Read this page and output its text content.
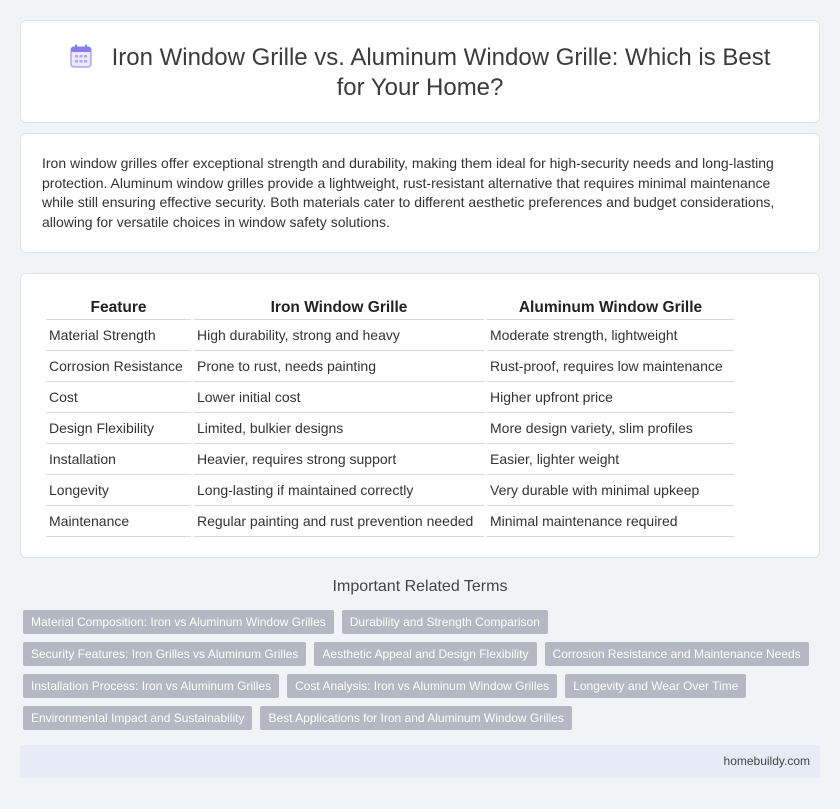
Iron Window Grille vs. Aluminum Window Grille: Which is Best for Your Home?

Iron window grilles offer exceptional strength and durability, making them ideal for high-security needs and long-lasting protection. Aluminum window grilles provide a lightweight, rust-resistant alternative that requires minimal maintenance while still ensuring effective security. Both materials cater to different aesthetic preferences and budget considerations, allowing for versatile choices in window safety solutions.

Feature	Iron Window Grille	Aluminum Window Grille
Material Strength	High durability, strong and heavy	Moderate strength, lightweight
Corrosion Resistance	Prone to rust, needs painting	Rust-proof, requires low maintenance
Cost	Lower initial cost	Higher upfront price
Design Flexibility	Limited, bulkier designs	More design variety, slim profiles
Installation	Heavier, requires strong support	Easier, lighter weight
Longevity	Long-lasting if maintained correctly	Very durable with minimal upkeep
Maintenance	Regular painting and rust prevention needed	Minimal maintenance required
Important Related Terms
Material Composition: Iron vs Aluminum Window Grilles	Durability and Strength Comparison
Security Features: Iron Grilles vs Aluminum Grilles	Aesthetic Appeal and Design Flexibility	Corrosion Resistance and Maintenance Needs
Installation Process: Iron vs Aluminum Grilles	Cost Analysis: Iron vs Aluminum Window Grilles	Longevity and Wear Over Time
Environmental Impact and Sustainability	Best Applications for Iron and Aluminum Window Grilles
homebuildy.com
